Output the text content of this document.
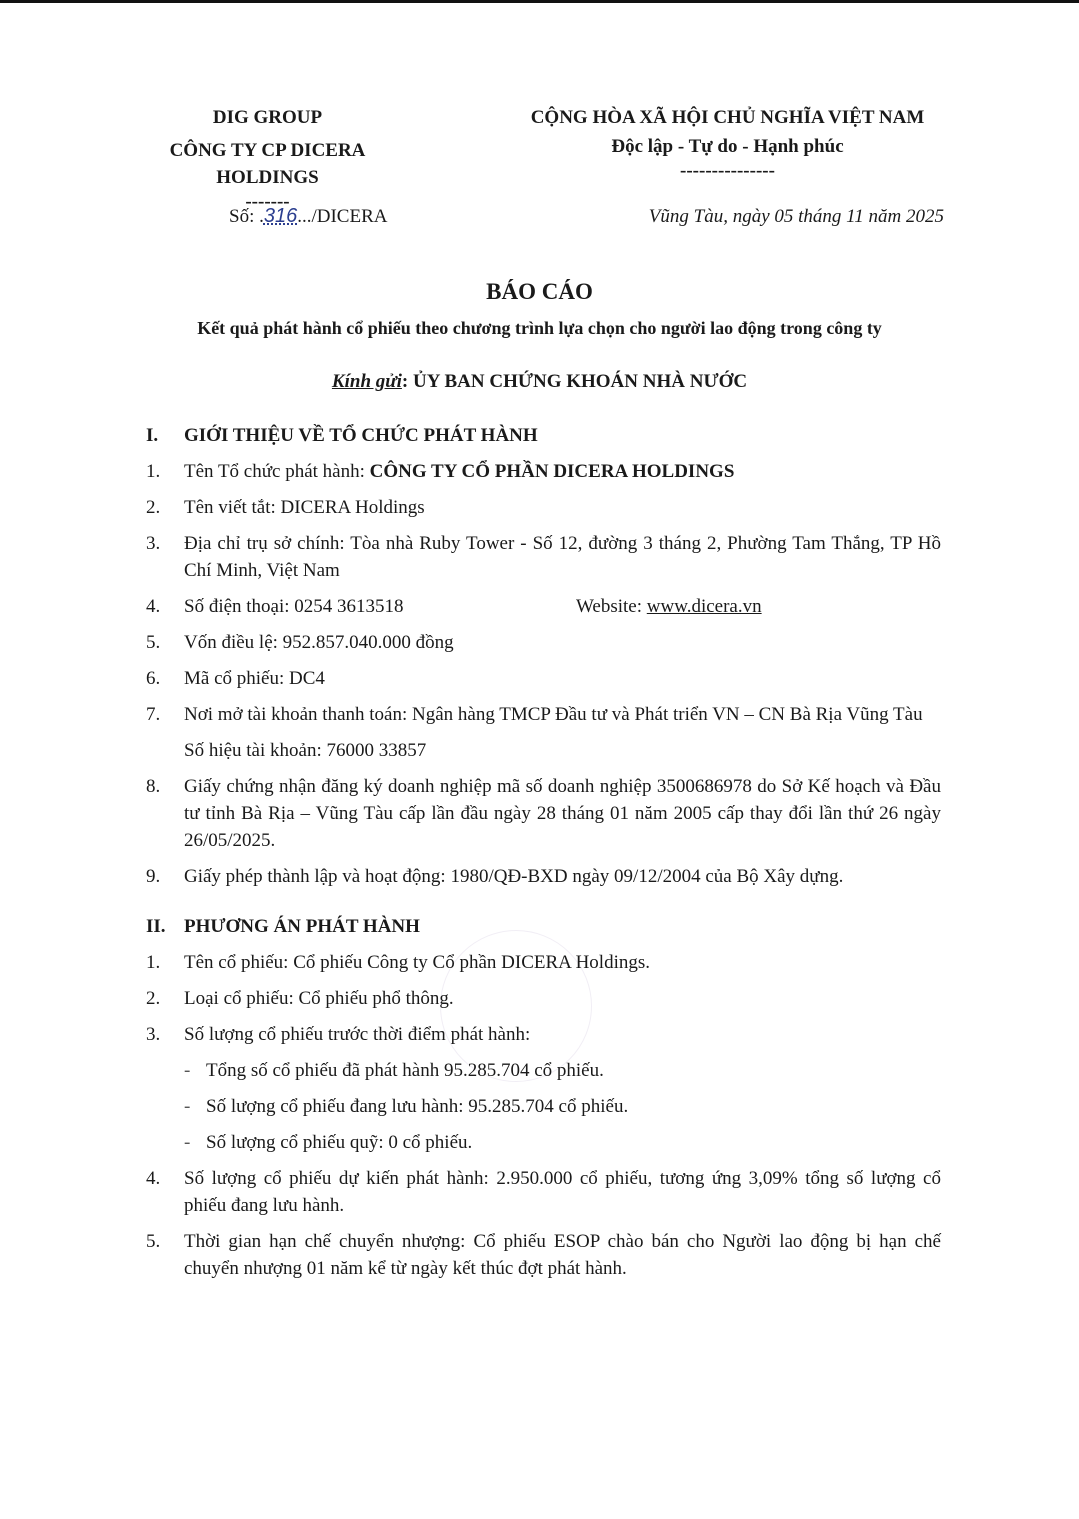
DIG GROUP
CÔNG TY CP DICERA HOLDINGS
-------
CỘNG HÒA XÃ HỘI CHỦ NGHĨA VIỆT NAM
Độc lập - Tự do - Hạnh phúc
---------------
Số: .316.../DICERA	Vũng Tàu, ngày 05 tháng 11 năm 2025
BÁO CÁO
Kết quả phát hành cổ phiếu theo chương trình lựa chọn cho người lao động trong công ty
Kính gửi: ỦY BAN CHỨNG KHOÁN NHÀ NƯỚC
I.	GIỚI THIỆU VỀ TỔ CHỨC PHÁT HÀNH
1.	Tên Tổ chức phát hành: CÔNG TY CỔ PHẦN DICERA HOLDINGS
2.	Tên viết tắt: DICERA Holdings
3.	Địa chỉ trụ sở chính: Tòa nhà Ruby Tower - Số 12, đường 3 tháng 2, Phường Tam Thắng, TP Hồ Chí Minh, Việt Nam
4.	Số điện thoại: 0254 3613518	Website: www.dicera.vn
5.	Vốn điều lệ: 952.857.040.000 đồng
6.	Mã cổ phiếu: DC4
7.	Nơi mở tài khoản thanh toán: Ngân hàng TMCP Đầu tư và Phát triển VN – CN Bà Rịa Vũng Tàu
Số hiệu tài khoản: 76000 33857
8.	Giấy chứng nhận đăng ký doanh nghiệp mã số doanh nghiệp 3500686978 do Sở Kế hoạch và Đầu tư tỉnh Bà Rịa – Vũng Tàu cấp lần đầu ngày 28 tháng 01 năm 2005 cấp thay đổi lần thứ 26 ngày 26/05/2025.
9.	Giấy phép thành lập và hoạt động: 1980/QĐ-BXD ngày 09/12/2004 của Bộ Xây dựng.
II. PHƯƠNG ÁN PHÁT HÀNH
1.	Tên cổ phiếu: Cổ phiếu Công ty Cổ phần DICERA Holdings.
2.	Loại cổ phiếu: Cổ phiếu phổ thông.
3.	Số lượng cổ phiếu trước thời điểm phát hành:
- Tổng số cổ phiếu đã phát hành 95.285.704 cổ phiếu.
- Số lượng cổ phiếu đang lưu hành: 95.285.704 cổ phiếu.
- Số lượng cổ phiếu quỹ: 0 cổ phiếu.
4.	Số lượng cổ phiếu dự kiến phát hành: 2.950.000 cổ phiếu, tương ứng 3,09% tổng số lượng cổ phiếu đang lưu hành.
5.	Thời gian hạn chế chuyển nhượng: Cổ phiếu ESOP chào bán cho Người lao động bị hạn chế chuyển nhượng 01 năm kể từ ngày kết thúc đợt phát hành.
